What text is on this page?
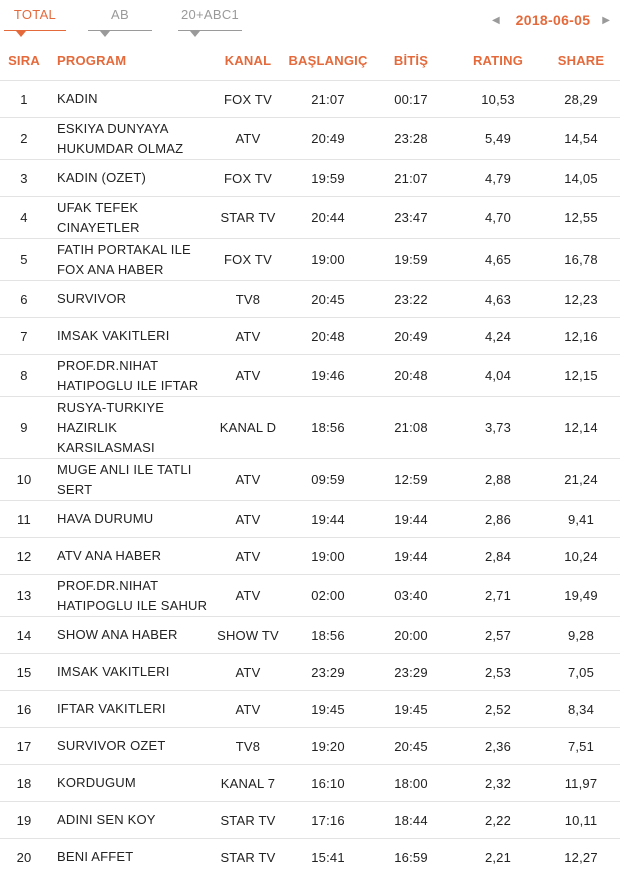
TOTAL	AB	20+ABC1	◀ 2018-06-05 ▶
SIRA	PROGRAM	KANAL	BAŞLANGIÇ	BİTİŞ	RATING	SHARE
1	KADIN	FOX TV	21:07	00:17	10,53	28,29
2	ESKIYA DUNYAYA
HUKUMDAR OLMAZ	ATV	20:49	23:28	5,49	14,54
3	KADIN (OZET)	FOX TV	19:59	21:07	4,79	14,05
4	UFAK TEFEK
CINAYETLER	STAR TV	20:44	23:47	4,70	12,55
5	FATIH PORTAKAL ILE
FOX ANA HABER	FOX TV	19:00	19:59	4,65	16,78
6	SURVIVOR	TV8	20:45	23:22	4,63	12,23
7	IMSAK VAKITLERI	ATV	20:48	20:49	4,24	12,16
8	PROF.DR.NIHAT
HATIPOGLU ILE IFTAR	ATV	19:46	20:48	4,04	12,15
9	RUSYA-TURKIYE
HAZIRLIK
KARSILASMASI	KANAL D	18:56	21:08	3,73	12,14
10	MUGE ANLI ILE TATLI
SERT	ATV	09:59	12:59	2,88	21,24
11	HAVA DURUMU	ATV	19:44	19:44	2,86	9,41
12	ATV ANA HABER	ATV	19:00	19:44	2,84	10,24
13	PROF.DR.NIHAT
HATIPOGLU ILE SAHUR	ATV	02:00	03:40	2,71	19,49
14	SHOW ANA HABER	SHOW TV	18:56	20:00	2,57	9,28
15	IMSAK VAKITLERI	ATV	23:29	23:29	2,53	7,05
16	IFTAR VAKITLERI	ATV	19:45	19:45	2,52	8,34
17	SURVIVOR OZET	TV8	19:20	20:45	2,36	7,51
18	KORDUGUM	KANAL 7	16:10	18:00	2,32	11,97
19	ADINI SEN KOY	STAR TV	17:16	18:44	2,22	10,11
20	BENI AFFET	STAR TV	15:41	16:59	2,21	12,27
